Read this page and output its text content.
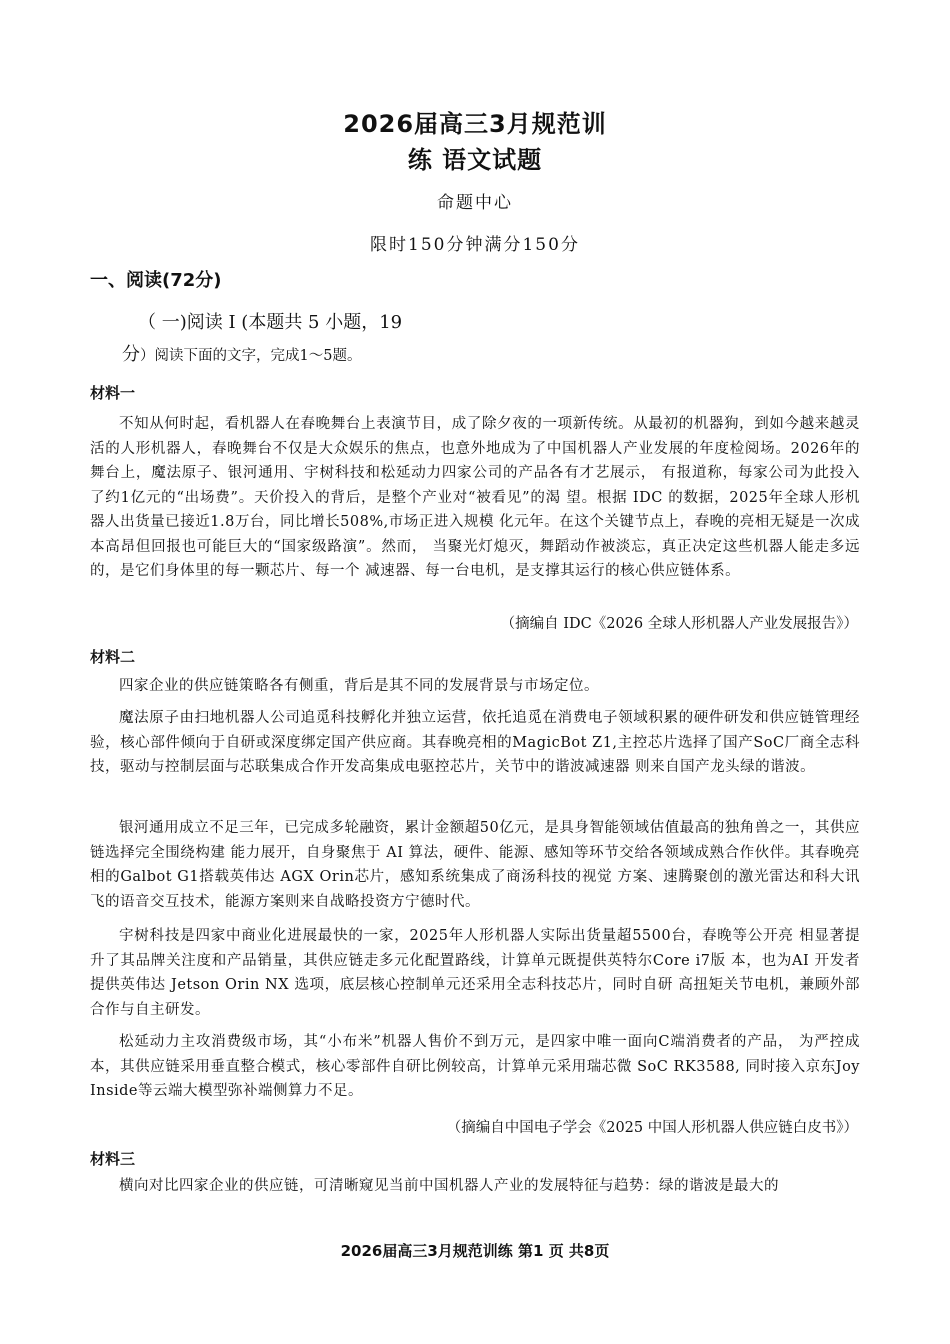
2026届高三3月规范训
练 语文试题
命题中心
限时150分钟满分150分
一、阅读(72分)
（ 一)阅读 I (本题共 5 小题，19
分）阅读下面的文字，完成1～5题。
材料一

不知从何时起，看机器人在春晚舞台上表演节目，成了除夕夜的一项新传统。从最初的机器狗，到如今越来越灵活的人形机器人，春晚舞台不仅是大众娱乐的焦点，也意外地成为了中国机器人产业发展的年度检阅场。2026年的舞台上，魔法原子、银河通用、宇树科技和松延动力四家公司的产品各有才艺展示， 有报道称，每家公司为此投入了约1亿元的“出场费”。天价投入的背后，是整个产业对“被看见”的渴 望。根据 IDC 的数据，2025年全球人形机器人出货量已接近1.8万台，同比增长508%,市场正进入规模 化元年。在这个关键节点上，春晚的亮相无疑是一次成本高昂但回报也可能巨大的“国家级路演”。然而， 当聚光灯熄灭，舞蹈动作被淡忘，真正决定这些机器人能走多远的，是它们身体里的每一颗芯片、每一个 减速器、每一台电机，是支撑其运行的核心供应链体系。

（摘编自 IDC《2026 全球人形机器人产业发展报告》）
材料二

四家企业的供应链策略各有侧重，背后是其不同的发展背景与市场定位。

魔法原子由扫地机器人公司追觅科技孵化并独立运营，依托追觅在消费电子领域积累的硬件研发和供应链管理经验，核心部件倾向于自研或深度绑定国产供应商。其春晚亮相的MagicBot Z1,主控芯片选择了国产SoC厂商全志科技，驱动与控制层面与芯联集成合作开发高集成电驱控芯片，关节中的谐波减速器 则来自国产龙头绿的谐波。

银河通用成立不足三年，已完成多轮融资，累计金额超50亿元，是具身智能领域估值最高的独角兽之一，其供应链选择完全围绕构建 能力展开，自身聚焦于 AI 算法，硬件、能源、感知等环节交给各领域成熟合作伙伴。其春晚亮相的Galbot G1搭载英伟达 AGX Orin芯片，感知系统集成了商汤科技的视觉 方案、速腾聚创的激光雷达和科大讯飞的语音交互技术，能源方案则来自战略投资方宁德时代。

宇树科技是四家中商业化进展最快的一家，2025年人形机器人实际出货量超5500台，春晚等公开亮 相显著提升了其品牌关注度和产品销量，其供应链走多元化配置路线，计算单元既提供英特尔Core i7版 本，也为AI 开发者提供英伟达 Jetson Orin NX 选项，底层核心控制单元还采用全志科技芯片，同时自研 高扭矩关节电机，兼顾外部合作与自主研发。

松延动力主攻消费级市场，其“小布米”机器人售价不到万元，是四家中唯一面向C端消费者的产品， 为严控成本，其供应链采用垂直整合模式，核心零部件自研比例较高，计算单元采用瑞芯微 SoC RK3588, 同时接入京东Joy Inside等云端大模型弥补端侧算力不足。

（摘编自中国电子学会《2025 中国人形机器人供应链白皮书》）
材料三

横向对比四家企业的供应链，可清晰窥见当前中国机器人产业的发展特征与趋势：绿的谐波是最大的

2026届高三3月规范训练 第1 页 共8页
